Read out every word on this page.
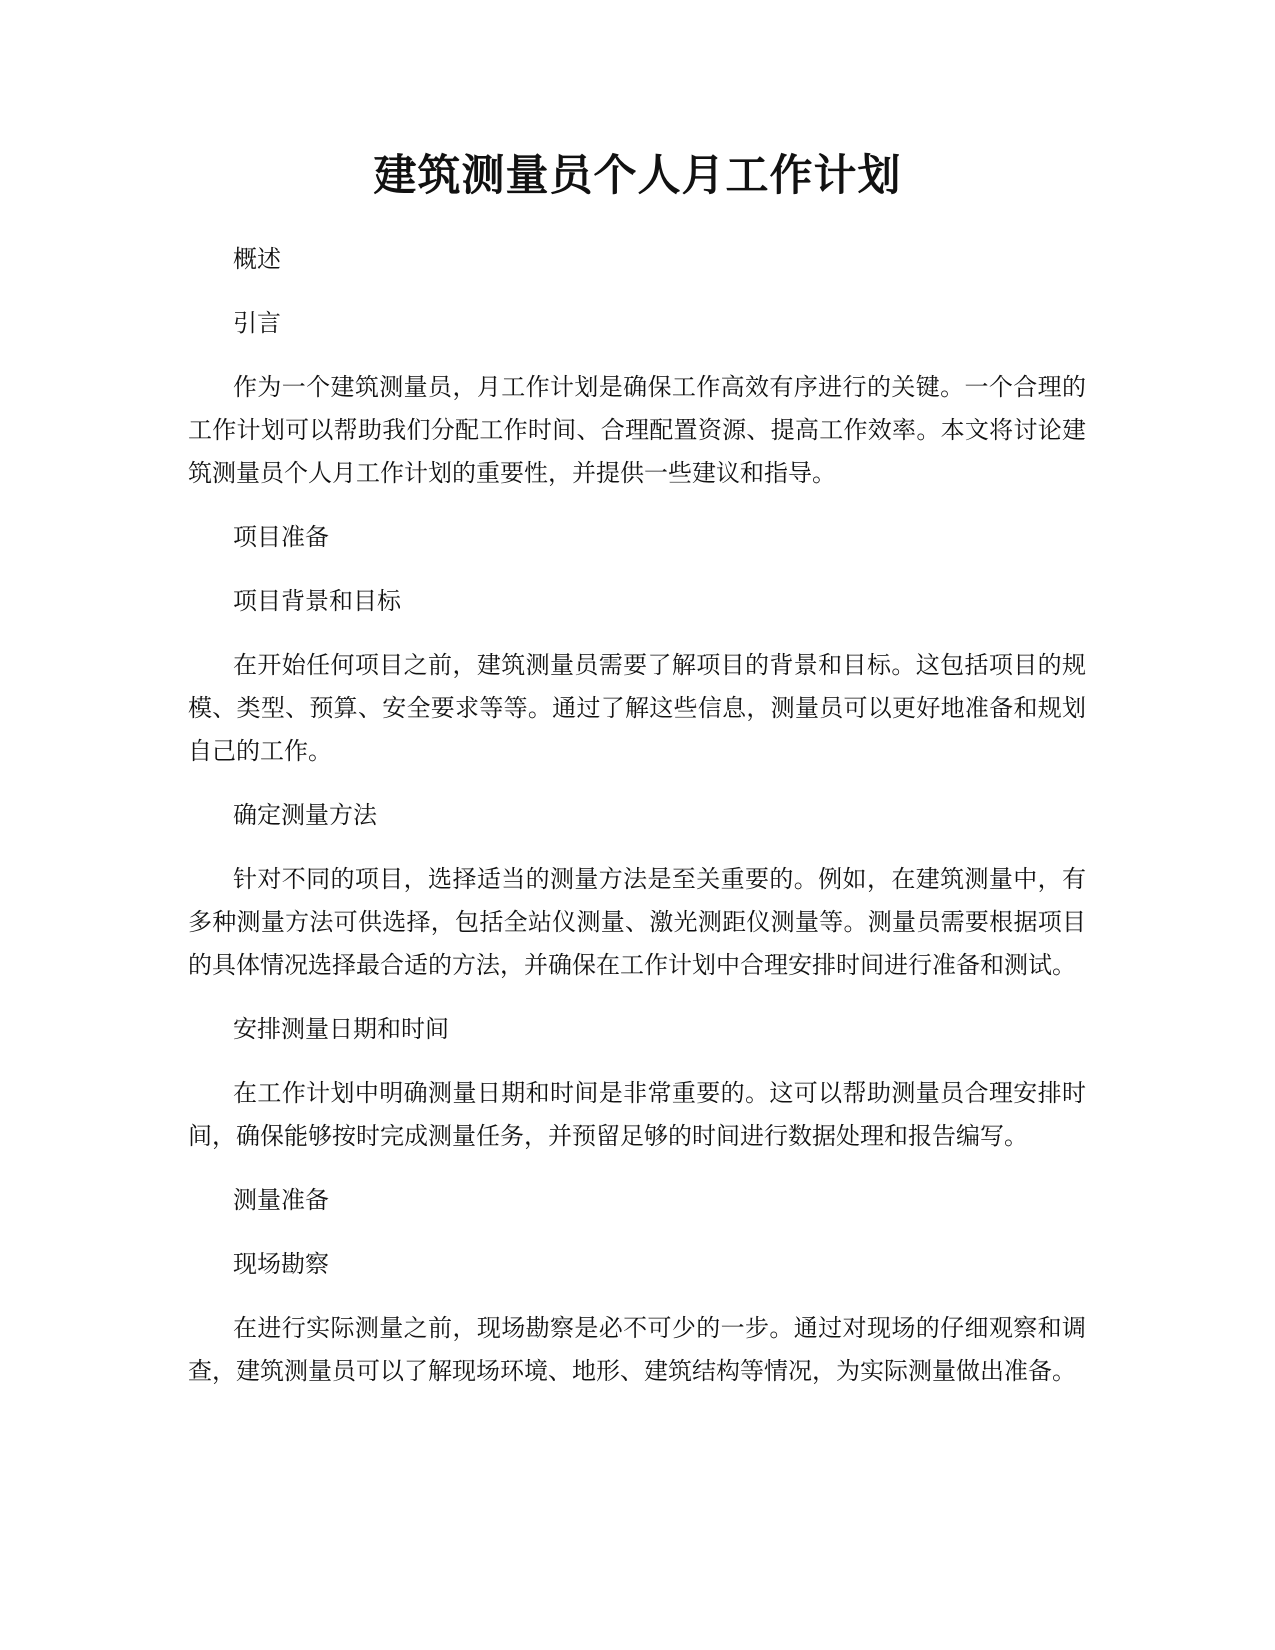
建筑测量员个人月工作计划

概述

引言

作为一个建筑测量员，月工作计划是确保工作高效有序进行的关键。一个合理的工作计划可以帮助我们分配工作时间、合理配置资源、提高工作效率。本文将讨论建筑测量员个人月工作计划的重要性，并提供一些建议和指导。

项目准备

项目背景和目标

在开始任何项目之前，建筑测量员需要了解项目的背景和目标。这包括项目的规模、类型、预算、安全要求等等。通过了解这些信息，测量员可以更好地准备和规划自己的工作。

确定测量方法

针对不同的项目，选择适当的测量方法是至关重要的。例如，在建筑测量中，有多种测量方法可供选择，包括全站仪测量、激光测距仪测量等。测量员需要根据项目的具体情况选择最合适的方法，并确保在工作计划中合理安排时间进行准备和测试。

安排测量日期和时间

在工作计划中明确测量日期和时间是非常重要的。这可以帮助测量员合理安排时间，确保能够按时完成测量任务，并预留足够的时间进行数据处理和报告编写。

测量准备

现场勘察

在进行实际测量之前，现场勘察是必不可少的一步。通过对现场的仔细观察和调查，建筑测量员可以了解现场环境、地形、建筑结构等情况，为实际测量做出准备。
